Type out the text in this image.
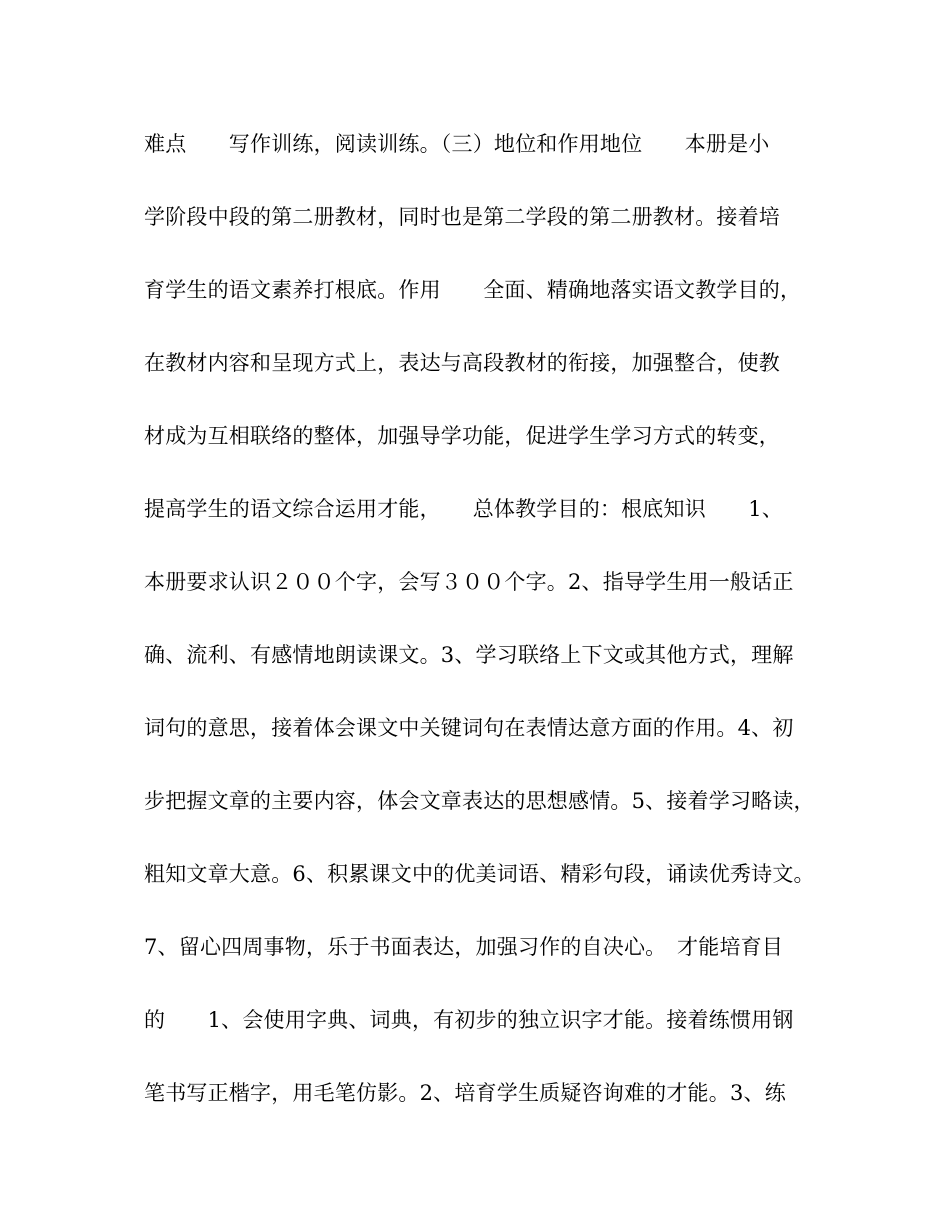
难点　　写作训练，阅读训练。（三）地位和作用地位　　本册是小
学阶段中段的第二册教材，同时也是第二学段的第二册教材。接着培
育学生的语文素养打根底。作用　　全面、精确地落实语文教学目的，
在教材内容和呈现方式上，表达与高段教材的衔接，加强整合，使教
材成为互相联络的整体，加强导学功能，促进学生学习方式的转变，
提高学生的语文综合运用才能，　　总体教学目的：根底知识　　1、
本册要求认识２００个字，会写３００个字。2、指导学生用一般话正
确、流利、有感情地朗读课文。3、学习联络上下文或其他方式，理解
词句的意思，接着体会课文中关键词句在表情达意方面的作用。4、初
步把握文章的主要内容，体会文章表达的思想感情。5、接着学习略读，
粗知文章大意。6、积累课文中的优美词语、精彩句段，诵读优秀诗文。
7、留心四周事物，乐于书面表达，加强习作的自决心。　才能培育目
的　　1、会使用字典、词典，有初步的独立识字才能。接着练惯用钢
笔书写正楷字，用毛笔仿影。2、培育学生质疑咨询难的才能。3、练
